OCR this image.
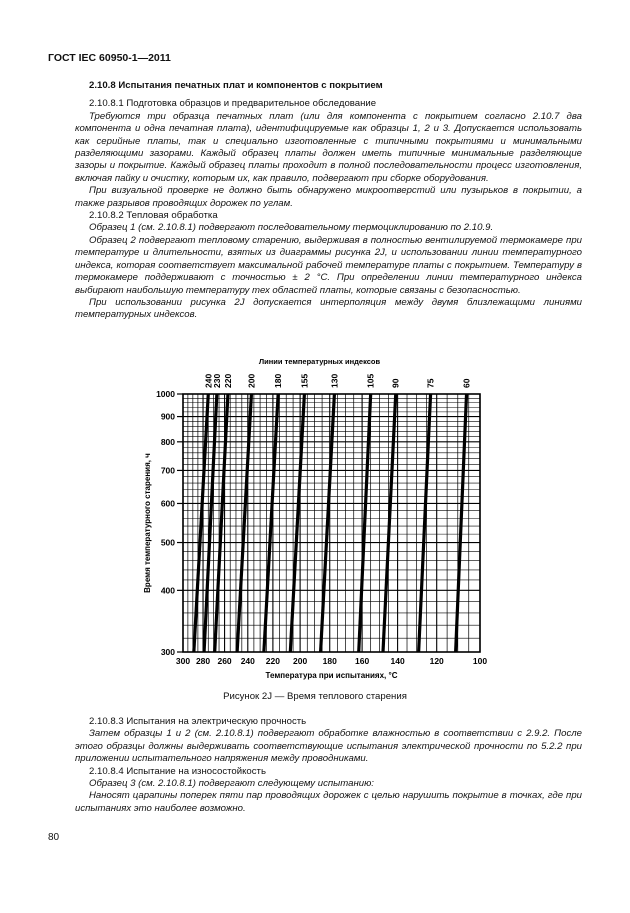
ГОСТ IEC 60950-1—2011

2.10.8 Испытания печатных плат и компонентов с покрытием

2.10.8.1 Подготовка образцов и предварительное обследование

Требуются три образца печатных плат (или для компонента с покрытием согласно 2.10.7 два компонента и одна печатная плата), идентифицируемые как образцы 1, 2 и 3. Допускается использовать как серийные платы, так и специально изготовленные с типичными покрытиями и минимальными разделяющими зазорами. Каждый образец платы должен иметь типичные минимальные разделяющие зазоры и покрытие. Каждый образец платы проходит в полной последовательности процесс изготовления, включая пайку и очистку, которым их, как правило, подвергают при сборке оборудования.

При визуальной проверке не должно быть обнаружено микроотверстий или пузырьков в покрытии, а также разрывов проводящих дорожек по углам.

2.10.8.2 Тепловая обработка

Образец 1 (см. 2.10.8.1) подвергают последовательному термоциклированию по 2.10.9.

Образец 2 подвергают тепловому старению, выдерживая в полностью вентилируемой термокамере при температуре и длительности, взятых из диаграммы рисунка 2J, и использовании линии температурного индекса, которая соответствует максимальной рабочей температуре платы с покрытием. Температуру в термокамере поддерживают с точностью ± 2 °С. При определении линии температурного индекса выбирают наибольшую температуру тех областей платы, которые связаны с безопасностью.

При использовании рисунка 2J допускается интерполяция между двумя близлежащими линиями температурных индексов.

300
400
500
600
700
800
900
1000
300 280 260 240 220 200 180 160	140	120	100
240
230 220 200 180 155 130	105 90	75	60
Линии температурных индексов
Температура при испытаниях, °С
Время температурного старения, ч
Рисунок 2J — Время теплового старения

2.10.8.3 Испытания на электрическую прочность

Затем образцы 1 и 2 (см. 2.10.8.1) подвергают обработке влажностью в соответствии с 2.9.2. После этого образцы должны выдерживать соответствующие испытания электрической прочности по 5.2.2 при приложении испытательного напряжения между проводниками.

2.10.8.4 Испытание на износостойкость

Образец 3 (см. 2.10.8.1) подвергают следующему испытанию:

Наносят царапины поперек пяти пар проводящих дорожек с целью нарушить покрытие в точках, где при испытаниях это наиболее возможно.

80
